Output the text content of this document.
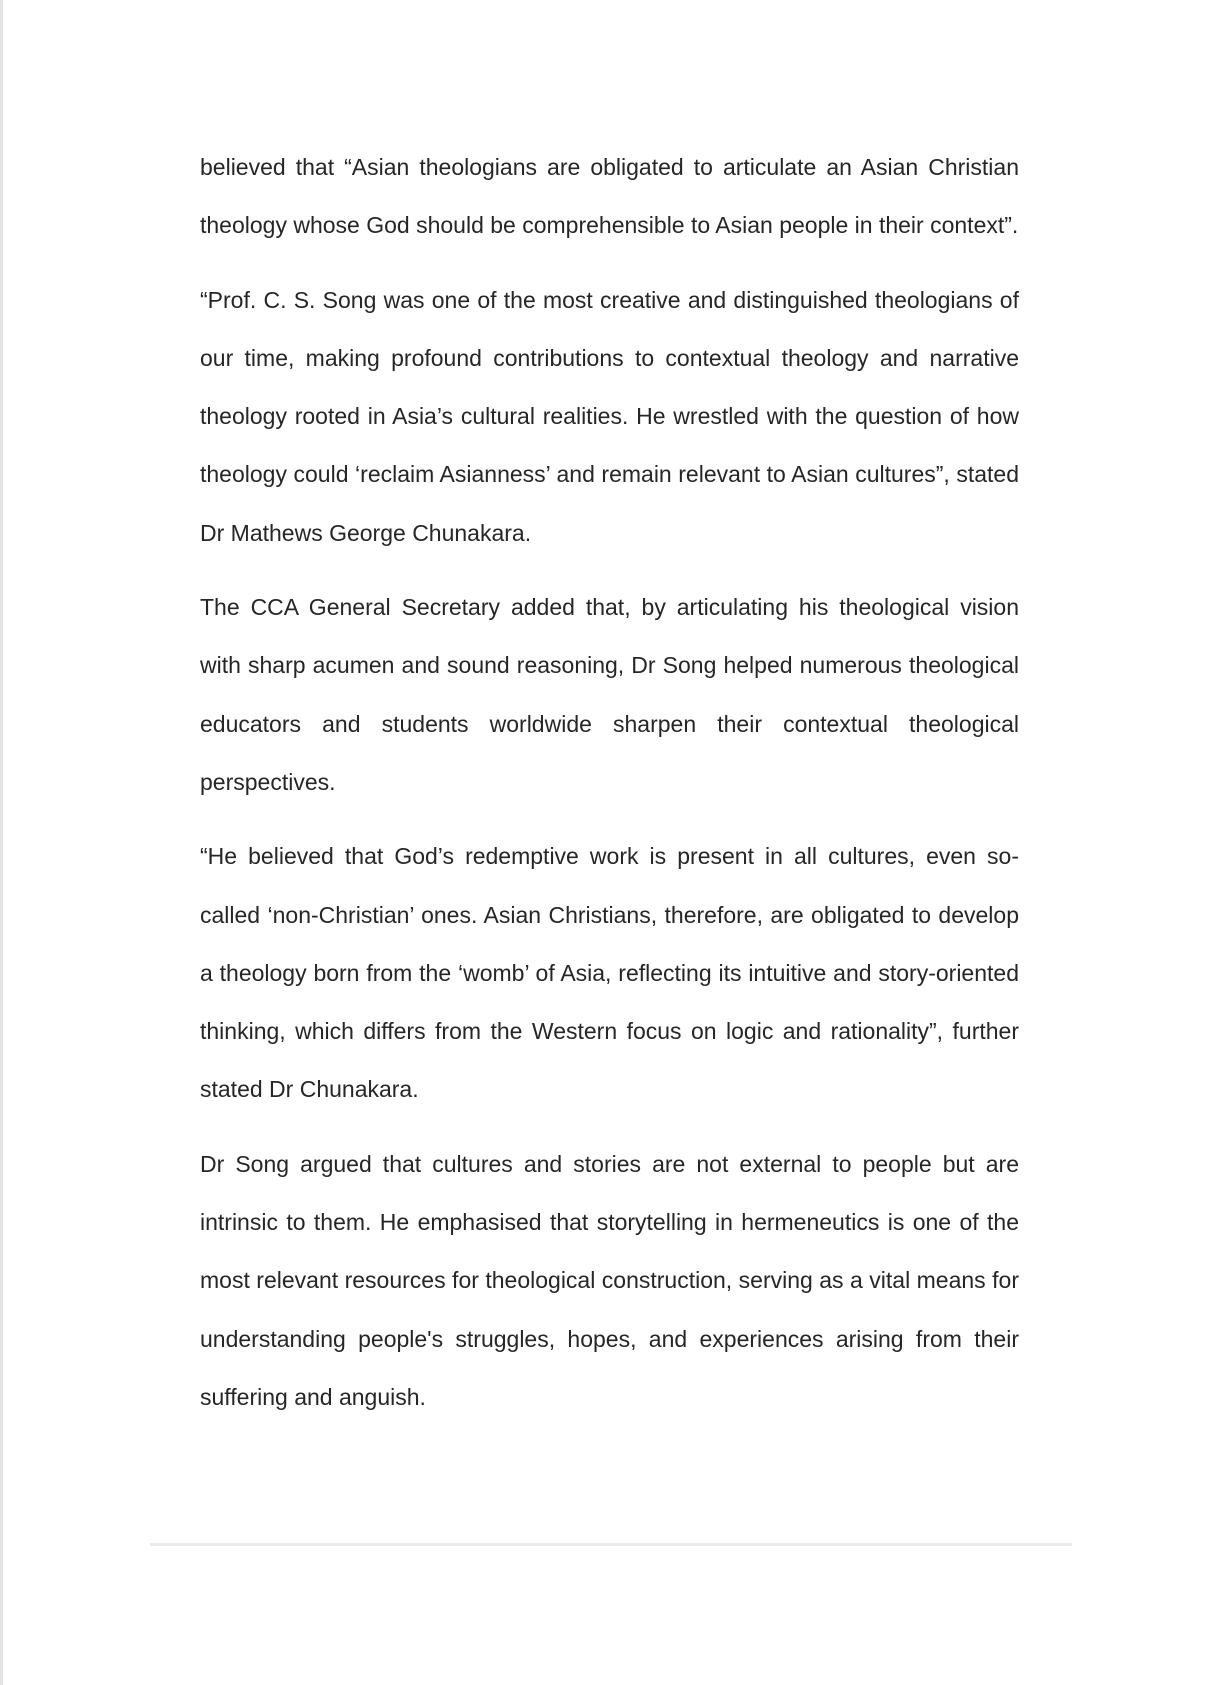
believed that “Asian theologians are obligated to articulate an Asian Christian theology whose God should be comprehensible to Asian people in their context”.

“Prof. C. S. Song was one of the most creative and distinguished theologians of our time, making profound contributions to contextual theology and narrative theology rooted in Asia’s cultural realities. He wrestled with the question of how theology could ‘reclaim Asianness’ and remain relevant to Asian cultures”, stated Dr Mathews George Chunakara.

The CCA General Secretary added that, by articulating his theological vision with sharp acumen and sound reasoning, Dr Song helped numerous theological educators and students worldwide sharpen their contextual theological perspectives.

“He believed that God’s redemptive work is present in all cultures, even so-called ‘non-Christian’ ones. Asian Christians, therefore, are obligated to develop a theology born from the ‘womb’ of Asia, reflecting its intuitive and story-oriented thinking, which differs from the Western focus on logic and rationality”, further stated Dr Chunakara.

Dr Song argued that cultures and stories are not external to people but are intrinsic to them. He emphasised that storytelling in hermeneutics is one of the most relevant resources for theological construction, serving as a vital means for understanding people's struggles, hopes, and experiences arising from their suffering and anguish.
